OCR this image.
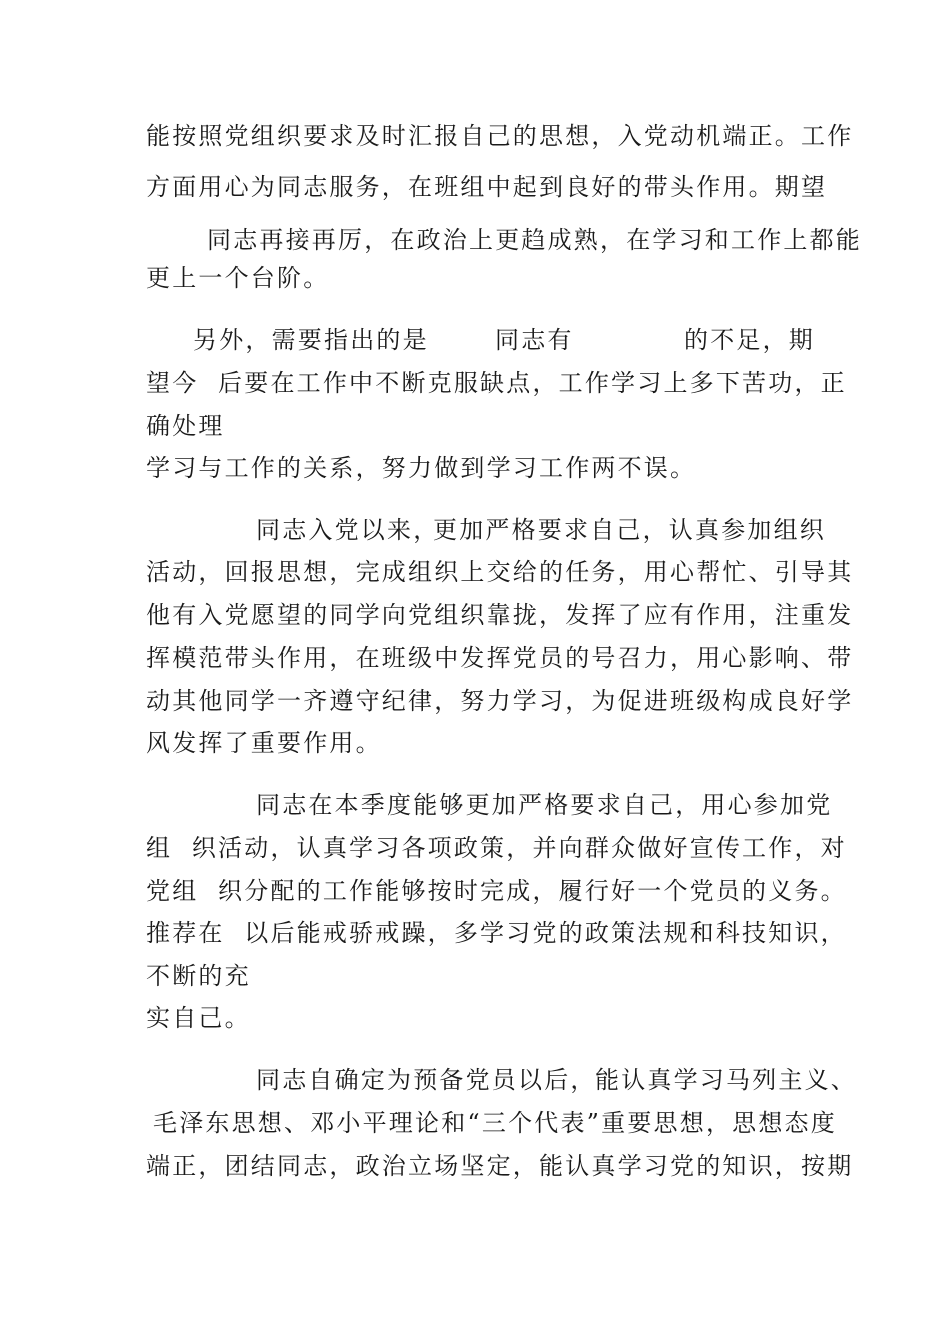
能按照党组织要求及时汇报自己的思想，入党动机端正。工作
方面用心为同志服务，在班组中起到良好的带头作用。期望
同志再接再厉，在政治上更趋成熟，在学习和工作上都能
更上一个台阶。
另外，需要指出的是	同志有	的不足，期
望今  后要在工作中不断克服缺点，工作学习上多下苦功，正
确处理
学习与工作的关系，努力做到学习工作两不误。
同志入党以来，
更加严格要求自己，认真参加组织
活动，回报思想，完成组织上交给的任务，用心帮忙、引导其
他有入党愿望的同学向党组织靠拢，发挥了应有作用，注重发
挥模范带头作用，在班级中发挥党员的号召力，用心影响、带
动其他同学一齐遵守纪律，努力学习，为促进班级构成良好学
风发挥了重要作用。
同志在本季度能够更加严格要求自己，用心参加党
组  织活动，认真学习各项政策，并向群众做好宣传工作，对
党组  织分配的工作能够按时完成，履行好一个党员的义务。
推荐在  以后能戒骄戒躁，多学习党的政策法规和科技知识，
不断的充
实自己。
同志自确定为预备党员以后，
能认真学习马列主义、
毛泽东思想、邓小平理论和“三个代表”重要思想，思想态度
端正，团结同志，政治立场坚定，能认真学习党的知识，按期
